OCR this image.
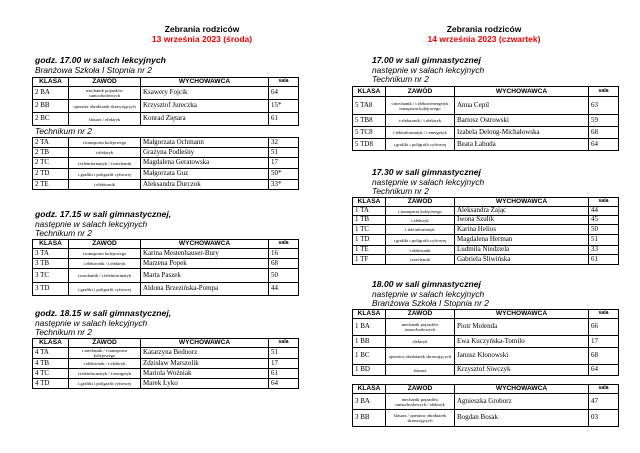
Zebrania rodziców
13 września 2023 (środa)
godz. 17.00 w salach lekcyjnych
Branżowa Szkoła I Stopnia nr 2
KLASA	ZAWÓD	WYCHOWAWCA	sala
2 BA	mechanik pojazdów samochodowych	Ksawery Fojcik	64
2 BB	operator obrabiarek skrawających	Krzysztof Jureczka	15*
2 BC	ślusarz / elektryk	Konrad Ziętara	61
Technikum nr 2
2 TA	t.transportu kolejowego	Małgorzata Ochmann	32
2 TB	t.elektryk	Grażyna Podleśny	51
2 TC	t.teleinformatyk / t.mechanik	Magdalena Geratowska	17
2 TD	t.grafiki i poligrafii cyfrowej	Małgorzata Guz	50*
2 TE	t.elektronik	Aleksandra Durczok	33*
godz. 17.15 w sali gimnastycznej,
następnie w salach lekcyjnych
Technikum nr 2
KLASA	ZAWÓD	WYCHOWAWCA	sala
3 TA	t.transportu kolejowego	Karina Mestenhauser-Bury	16
3 TB	t.elektronik / t.elektryk	Marzena Popek	68
3 TC	t.mechanik / t.teleinformatyk	Marta Paszek	50
3 TD	t.grafiki i poligrafii cyfrowej	Aldona Brzezińska-Pompa	44
godz. 18.15 w sali gimnastycznej,
następnie w salach lekcyjnych
Technikum nr 2
KLASA	ZAWÓD	WYCHOWAWCA	sala
4 TA	t.mechanik / t.transportu kolejowego	Katarzyna Bednorz	51
4 TB	t.elektronik / t.elektryk	Zdzisław Marszolik	17
4 TC	t.teleinformatyk / t.energetyk	Mariola Woźniak	61
4 TD	t.grafiki i poligrafii cyfrowej	Marek Łyko	64
Zebrania rodziców
14 września 2023 (czwartek)
17.00 w sali gimnastycznej
następnie w salach lekcyjnych
Technikum nr 2
KLASA	ZAWÓD	WYCHOWAWCA	sala
5 TA8	t.mechanik / t.elektroenergetyk transportu kolejowego	Anna Cepil	63
5 TB8	t.elektronik / t.elektryk	Bartosz Ostrowski	59
5 TC8	t.teleinformatyk / t.energetyk	Izabela Delong-Michałowska	68
5 TD8	t.grafiki i poligrafii cyfrowej	Beata Łabuda	64
17.30 w sali gimnastycznej
następnie w salach lekcyjnych
Technikum nr 2
KLASA	ZAWÓD	WYCHOWAWCA	sala
1 TA	t.transportu kolejowego	Aleksandra Zając	44
1 TB	t.elektryk	Iwona Szulik	45
1 TC	t.teleinformatyk	Karina Helios	50
1 TD	t.grafiki i poligrafii cyfrowej	Magdalena Herman	51
1 TE	t.elektronik	Ludmiła Niedziela	33
1 TF	t.mechanik	Gabriela Śliwińska	61
18.00 w sali gimnastycznej
następnie w salach lekcyjnych
Branżowa Szkoła I Stopnia nr 2
KLASA	ZAWÓD	WYCHOWAWCA	sala
1 BA	mechanik pojazdów samochodowych	Piotr Molenda	66
1 BB	elektryk	Ewa Kuczyńska-Tomilo	17
1 BC	operator obrabiarek skrawających	Janusz Kłonowski	68
1 BD	ślusarz	Krzysztof Siwczyk	64
KLASA	ZAWÓD	WYCHOWAWCA	sala
3 BA	mechanik pojazdów samochodowych / elektryk	Agnieszka Groborz	47
3 BB	ślusarz / operator obrabiarek skrawających	Bogdan Bosak	03
